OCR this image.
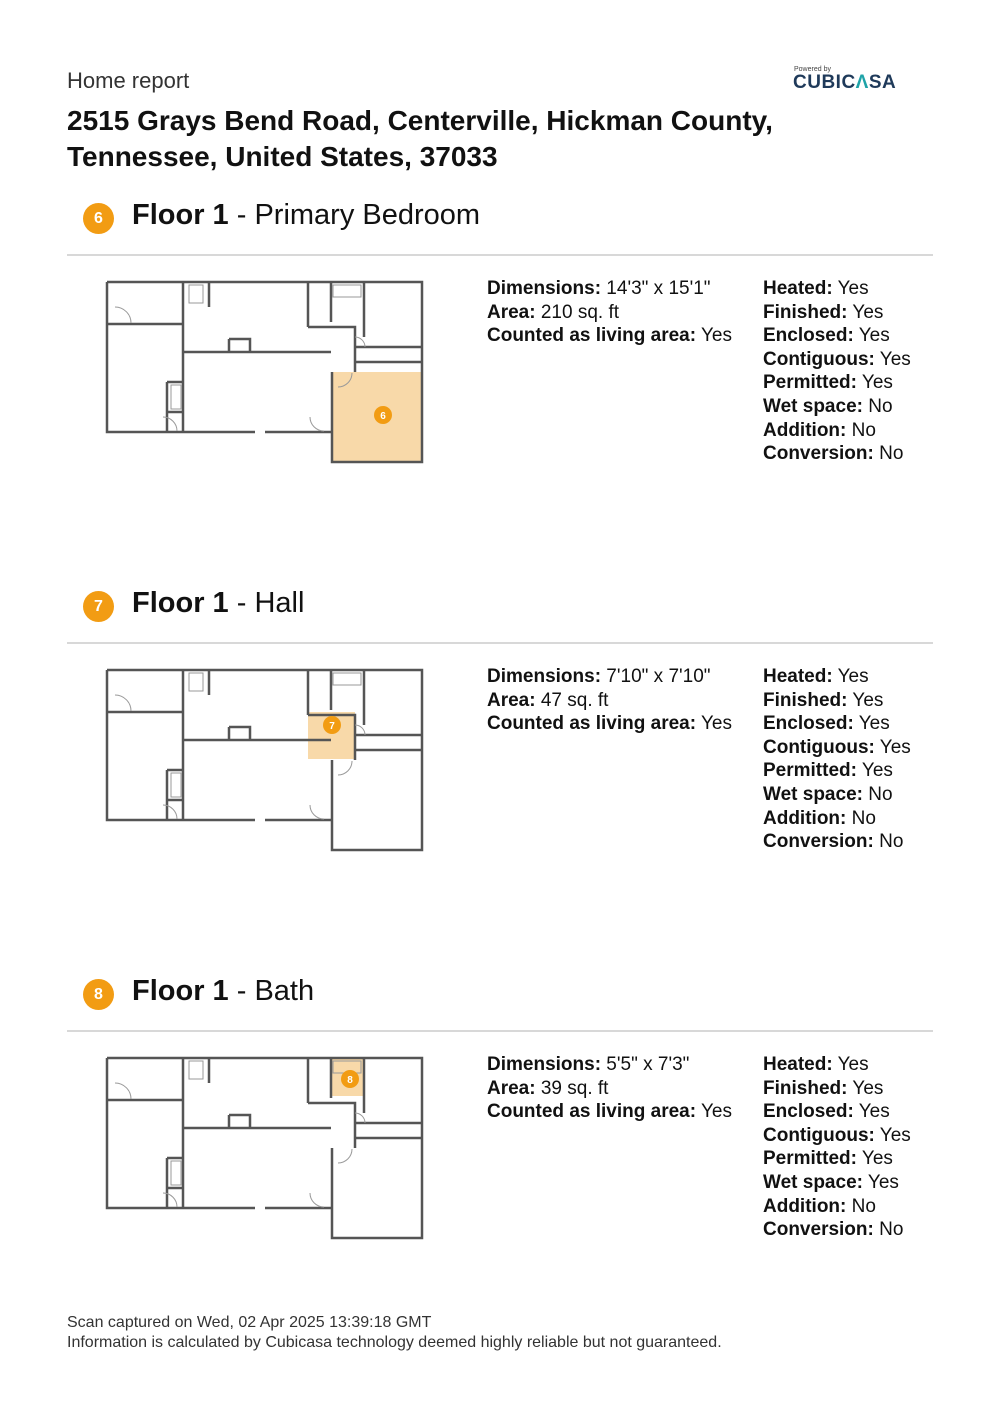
Home report	Powered by
CUBICΛSA
2515 Grays Bend Road, Centerville, Hickman County,
Tennessee, United States, 37033
6	Floor 1 - Primary Bedroom
6
Dimensions: 14'3" x 15'1"
Area: 210 sq. ft
Counted as living area: Yes
Heated: Yes
Finished: Yes
Enclosed: Yes
Contiguous: Yes
Permitted: Yes
Wet space: No
Addition: No
Conversion: No
7	Floor 1 - Hall
7
Dimensions: 7'10" x 7'10"
Area: 47 sq. ft
Counted as living area: Yes
Heated: Yes
Finished: Yes
Enclosed: Yes
Contiguous: Yes
Permitted: Yes
Wet space: No
Addition: No
Conversion: No
8	Floor 1 - Bath
8
Dimensions: 5'5" x 7'3"
Area: 39 sq. ft
Counted as living area: Yes
Heated: Yes
Finished: Yes
Enclosed: Yes
Contiguous: Yes
Permitted: Yes
Wet space: Yes
Addition: No
Conversion: No
Scan captured on Wed, 02 Apr 2025 13:39:18 GMT
Information is calculated by Cubicasa technology deemed highly reliable but not guaranteed.
